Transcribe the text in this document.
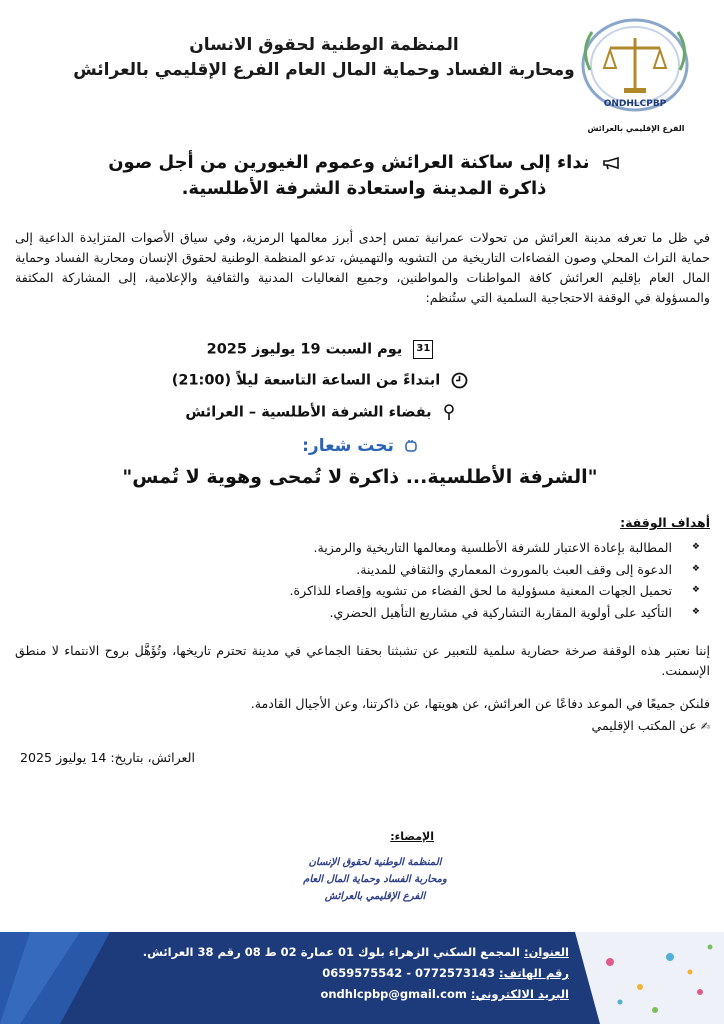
المنظمة الوطنية لحقوق الانسان
ومحاربة الفساد وحماية المال العام الفرع الإقليمي بالعرائش
ONDHLCPBP
الفرع الإقليمي بالعرائش
نداء إلى ساكنة العرائش وعموم الغيورين من أجل صون
ذاكرة المدينة واستعادة الشرفة الأطلسية.
في ظل ما تعرفه مدينة العرائش من تحولات عمرانية تمس إحدى أبرز معالمها الرمزية، وفي سياق الأصوات المتزايدة الداعية إلى حماية التراث المحلي وصون الفضاءات التاريخية من التشويه والتهميش، تدعو المنظمة الوطنية لحقوق الإنسان ومحاربة الفساد وحماية المال العام بإقليم العرائش كافة المواطنات والمواطنين، وجميع الفعاليات المدنية والثقافية والإعلامية، إلى المشاركة المكثفة والمسؤولة في الوقفة الاحتجاجية السلمية التي ستُنظم:
31 يوم السبت 19 يوليوز 2025
ابتداءً من الساعة التاسعة ليلاً (21:00)
بفضاء الشرفة الأطلسية – العرائش
تحت شعار:
"الشرفة الأطلسية... ذاكرة لا تُمحى وهوية لا تُمس"
أهداف الوقفة:
❖ المطالبة بإعادة الاعتبار للشرفة الأطلسية ومعالمها التاريخية والرمزية.
❖ الدعوة إلى وقف العبث بالموروث المعماري والثقافي للمدينة.
❖ تحميل الجهات المعنية مسؤولية ما لحق الفضاء من تشويه وإقصاء للذاكرة.
❖ التأكيد على أولوية المقاربة التشاركية في مشاريع التأهيل الحضري.
إننا نعتبر هذه الوقفة صرخة حضارية سلمية للتعبير عن تشبثنا بحقنا الجماعي في مدينة تحترم تاريخها، وتُؤَهَّل بروح الانتماء لا منطق الإسمنت.
فلنكن جميعًا في الموعد دفاعًا عن العرائش، عن هويتها، عن ذاكرتنا، وعن الأجيال القادمة.
✍ عن المكتب الإقليمي
العرائش، بتاريخ: 14 يوليوز 2025
الإمضاء:
المنظمة الوطنية لحقوق الإنسان
ومحاربة الفساد وحماية المال العام
الفرع الإقليمي بالعرائش
العنوان: المجمع السكني الزهراء بلوك 01 عمارة 02 ط 08 رقم 38 العرائش.
رقم الهاتف: 0659575542 - 0772573143
البريد الالكتروني: ondhlcpbp@gmail.com
